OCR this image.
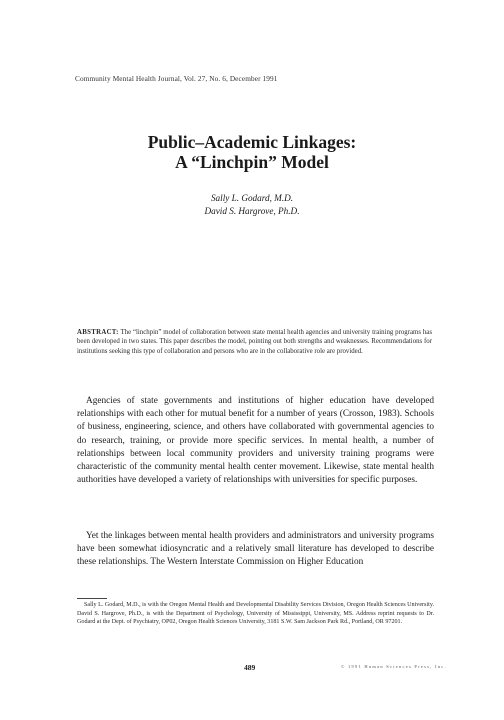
Community Mental Health Journal, Vol. 27, No. 6, December 1991
Public–Academic Linkages:
A “Linchpin” Model
Sally L. Godard, M.D.
David S. Hargrove, Ph.D.
ABSTRACT: The “linchpin” model of collaboration between state mental health agencies and university training programs has been developed in two states. This paper describes the model, pointing out both strengths and weaknesses. Recommendations for institutions seeking this type of collaboration and persons who are in the collaborative role are provided.
Agencies of state governments and institutions of higher education have developed relationships with each other for mutual benefit for a number of years (Crosson, 1983). Schools of business, engineering, science, and others have collaborated with governmental agencies to do research, training, or provide more specific services. In mental health, a number of relationships between local community providers and university training programs were characteristic of the community mental health center movement. Likewise, state mental health authorities have developed a variety of relationships with universities for specific purposes.
Yet the linkages between mental health providers and administrators and university programs have been somewhat idiosyncratic and a relatively small literature has developed to describe these relationships. The Western Interstate Commission on Higher Education
Sally L. Godard, M.D., is with the Oregon Mental Health and Developmental Disability Services Division, Oregon Health Sciences University. David S. Hargrove, Ph.D., is with the Department of Psychology, University of Mississippi, University, MS. Address reprint requests to Dr. Godard at the Dept. of Psychiatry, OP02, Oregon Health Sciences University, 3181 S.W. Sam Jackson Park Rd., Portland, OR 97201.
489	© 1991 Human Sciences Press, Inc.
